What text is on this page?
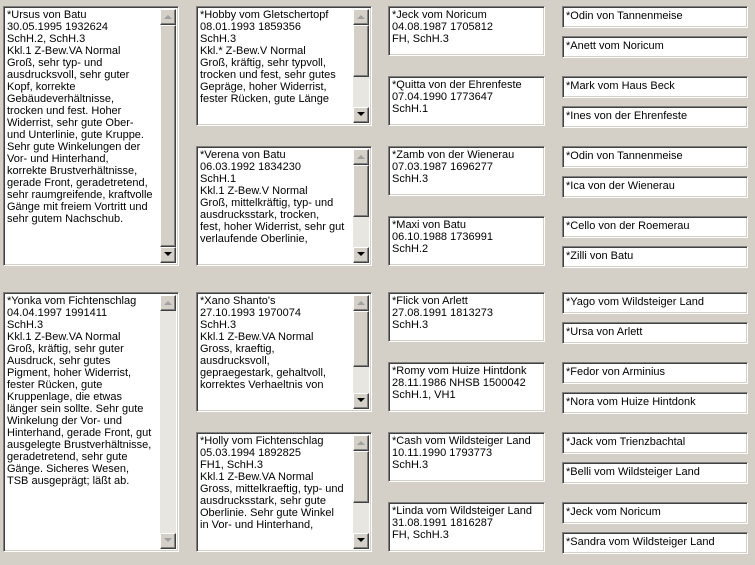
*Ursus von Batu
30.05.1995 1932624
SchH.2, SchH.3
Kkl.1 Z-Bew.VA Normal
Groß, sehr typ- und
ausdrucksvoll, sehr guter
Kopf, korrekte
Gebäudeverhältnisse,
trocken und fest. Hoher
Widerrist, sehr gute Ober-
und Unterlinie, gute Kruppe.
Sehr gute Winkelungen der
Vor- und Hinterhand,
korrekte Brustverhältnisse,
gerade Front, geradetretend,
sehr raumgreifende, kraftvolle
Gänge mit freiem Vortritt und
sehr gutem Nachschub.
*Hobby vom Gletschertopf
08.01.1993 1859356
SchH.3
Kkl.* Z-Bew.V Normal
Groß, kräftig, sehr typvoll,
trocken und fest, sehr gutes
Gepräge, hoher Widerrist,
fester Rücken, gute Länge
*Verena von Batu
06.03.1992 1834230
SchH.1
Kkl.1 Z-Bew.V Normal
Groß, mittelkräftig, typ- und
ausdrucksstark, trocken,
fest, hoher Widerrist, sehr gut
verlaufende Oberlinie,
*Jeck vom Noricum
04.08.1987 1705812
FH, SchH.3
*Quitta von der Ehrenfeste
07.04.1990 1773647
SchH.1
*Zamb von der Wienerau
07.03.1987 1696277
SchH.3
*Maxi von Batu
06.10.1988 1736991
SchH.2
*Odin von Tannenmeise
*Anett vom Noricum
*Mark vom Haus Beck
*Ines von der Ehrenfeste
*Odin von Tannenmeise
*Ica von der Wienerau
*Cello von der Roemerau
*Zilli von Batu
*Yonka vom Fichtenschlag
04.04.1997 1991411
SchH.3
Kkl.1 Z-Bew.VA Normal
Groß, kräftig, sehr guter
Ausdruck, sehr gutes
Pigment, hoher Widerrist,
fester Rücken, gute
Kruppenlage, die etwas
länger sein sollte. Sehr gute
Winkelung der Vor- und
Hinterhand, gerade Front, gut
ausgelegte Brustverhältnisse,
geradetretend, sehr gute
Gänge. Sicheres Wesen,
TSB ausgeprägt; läßt ab.
*Xano Shanto's
27.10.1993 1970074
SchH.3
Kkl.1 Z-Bew.VA Normal
Gross, kraeftig,
ausdrucksvoll,
gepraegestark, gehaltvoll,
korrektes Verhaeltnis von
*Holly vom Fichtenschlag
05.03.1994 1892825
FH1, SchH.3
Kkl.1 Z-Bew.VA Normal
Gross, mittelkraeftig, typ- und
ausdrucksstark, sehr gute
Oberlinie. Sehr gute Winkel
in Vor- und Hinterhand,
*Flick von Arlett
27.08.1991 1813273
SchH.3
*Romy vom Huize Hintdonk
28.11.1986 NHSB 1500042
SchH.1, VH1
*Cash vom Wildsteiger Land
10.11.1990 1793773
SchH.3
*Linda vom Wildsteiger Land
31.08.1991 1816287
FH, SchH.3
*Yago vom Wildsteiger Land
*Ursa von Arlett
*Fedor von Arminius
*Nora vom Huize Hintdonk
*Jack vom Trienzbachtal
*Belli vom Wildsteiger Land
*Jeck vom Noricum
*Sandra vom Wildsteiger Land
